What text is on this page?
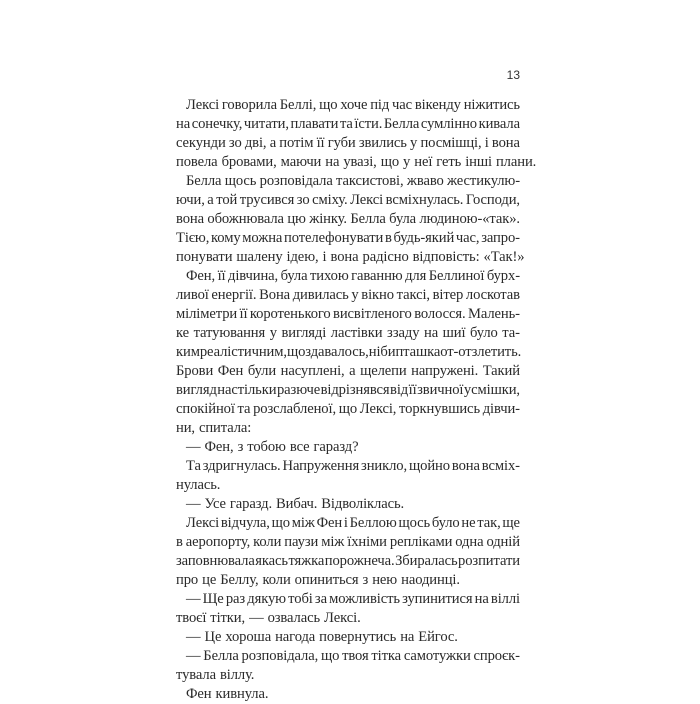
13
Лексі говорила Беллі, що хоче під час вікенду ніжитись
на сонечку, читати, плавати та їсти. Белла сумлінно кивала
секунди зо дві, а потім її губи звились у посмішці, і вона
повела бровами, маючи на увазі, що у неї геть інші плани.
Белла щось розповідала таксистові, жваво жестикулю-
ючи, а той трусився зо сміху. Лексі всміхнулась. Господи,
вона обожнювала цю жінку. Белла була людиною-«так».
Тією, кому можна потелефонувати в будь-який час, запро-
понувати шалену ідею, і вона радісно відповість: «Так!»
Фен, її дівчина, була тихою гаванню для Беллиної бурх-
ливої енергії. Вона дивилась у вікно таксі, вітер лоскотав
міліметри її коротенького висвітленого волосся. Малень-
ке татуювання у вигляді ластівки ззаду на шиї було та-
ким реалістичним, що здавалось, ніби пташка от-от злетить.
Брови Фен були насуплені, а щелепи напружені. Такий
вигляд настільки разюче відрізнявся від її звичної усмішки,
спокійної та розслабленої, що Лексі, торкнувшись дівчи-
ни, спитала:
— Фен, з тобою все гаразд?
Та здригнулась. Напруження зникло, щойно вона всміх-
нулась.
— Усе гаразд. Вибач. Відволіклась.
Лексі відчула, що між Фен і Беллою щось було не так, ще
в аеропорту, коли паузи між їхніми репліками одна одній
заповнювала якась тяжка порожнеча. Збиралась розпитати
про це Беллу, коли опиниться з нею наодинці.
— Ще раз дякую тобі за можливість зупинитися на віллі
твоєї тітки, — озвалась Лексі.
— Це хороша нагода повернутись на Ейгос.
— Белла розповідала, що твоя тітка самотужки спроєк-
тувала віллу.
Фен кивнула.
